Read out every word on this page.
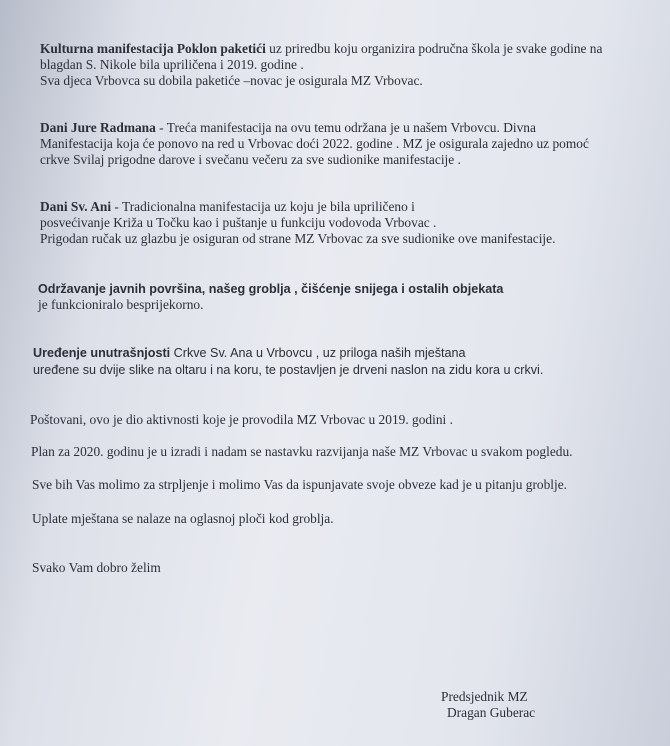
Kulturna manifestacija Poklon paketići uz priredbu koju organizira područna škola je svake godine na
blagdan S. Nikole bila upriličena i 2019. godine .
Sva djeca Vrbovca su dobila paketiće –novac je osigurala MZ Vrbovac.
Dani Jure Radmana - Treća manifestacija na ovu temu održana je u našem Vrbovcu. Divna
Manifestacija koja će ponovo na red u Vrbovac doći 2022. godine . MZ je osigurala zajedno uz pomoć
crkve Svilaj prigodne darove i svečanu večeru za sve sudionike manifestacije .
Dani Sv. Ani - Tradicionalna manifestacija uz koju je bila upriličeno i
posvećivanje Križa u Točku kao i puštanje u funkciju vodovoda Vrbovac .
Prigodan ručak uz glazbu je osiguran od strane MZ Vrbovac za sve sudionike ove manifestacije.
Održavanje javnih površina, našeg groblja , čišćenje snijega i ostalih objekata
je funkcioniralo besprijekorno.
Uređenje unutrašnjosti Crkve Sv. Ana u Vrbovcu , uz priloga naših mještana
uređene su dvije slike na oltaru i na koru, te postavljen je drveni naslon na zidu kora u crkvi.
Poštovani, ovo je dio aktivnosti koje je provodila MZ Vrbovac u 2019. godini .
Plan za 2020. godinu je u izradi i nadam se nastavku razvijanja naše MZ Vrbovac u svakom pogledu.
Sve bih Vas molimo za strpljenje i molimo Vas da ispunjavate svoje obveze kad je u pitanju groblje.
Uplate mještana se nalaze na oglasnoj ploči kod groblja.
Svako Vam dobro želim
Predsjednik MZ
Dragan Guberac
